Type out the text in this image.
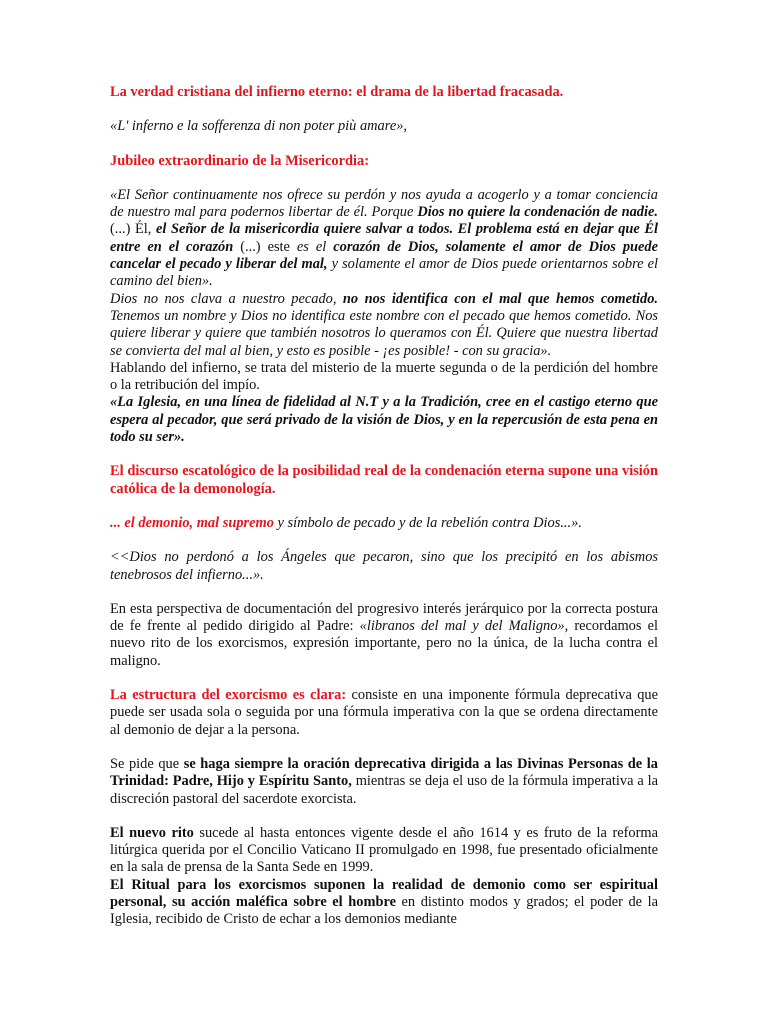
La verdad cristiana del infierno eterno: el drama de la libertad fracasada.

«L' inferno e la sofferenza di non poter più amare»,

Jubileo extraordinario de la Misericordia:

«El Señor continuamente nos ofrece su perdón y nos ayuda a acogerlo y a tomar conciencia de nuestro mal para podernos libertar de él. Porque Dios no quiere la condenación de nadie. (...) Él, el Señor de la misericordia quiere salvar a todos. El problema está en dejar que Él entre en el corazón (...) este es el corazón de Dios, solamente el amor de Dios puede cancelar el pecado y liberar del mal, y solamente el amor de Dios puede orientarnos sobre el camino del bien».

Dios no nos clava a nuestro pecado, no nos identifica con el mal que hemos cometido. Tenemos un nombre y Dios no identifica este nombre con el pecado que hemos cometido. Nos quiere liberar y quiere que también nosotros lo queramos con Él. Quiere que nuestra libertad se convierta del mal al bien, y esto es posible - ¡es posible! - con su gracia».

Hablando del infierno, se trata del misterio de la muerte segunda o de la perdición del hombre o la retribución del impío.

«La Iglesia, en una línea de fidelidad al N.T y a la Tradición, cree en el castigo eterno que espera al pecador, que será privado de la visión de Dios, y en la repercusión de esta pena en todo su ser».

El discurso escatológico de la posibilidad real de la condenación eterna supone una visión católica de la demonología.

... el demonio, mal supremo y símbolo de pecado y de la rebelión contra Dios...».

<<Dios no perdonó a los Ángeles que pecaron, sino que los precipitó en los abismos tenebrosos del infierno...».

En esta perspectiva de documentación del progresivo interés jerárquico por la correcta postura de fe frente al pedido dirigido al Padre: «libranos del mal y del Maligno», recordamos el nuevo rito de los exorcismos, expresión importante, pero no la única, de la lucha contra el maligno.

La estructura del exorcismo es clara: consiste en una imponente fórmula deprecativa que puede ser usada sola o seguida por una fórmula imperativa con la que se ordena directamente al demonio de dejar a la persona.

Se pide que se haga siempre la oración deprecativa dirigida a las Divinas Personas de la Trinidad: Padre, Hijo y Espíritu Santo, mientras se deja el uso de la fórmula imperativa a la discreción pastoral del sacerdote exorcista.

El nuevo rito sucede al hasta entonces vigente desde el año 1614 y es fruto de la reforma litúrgica querida por el Concilio Vaticano II promulgado en 1998, fue presentado oficialmente en la sala de prensa de la Santa Sede en 1999.

El Ritual para los exorcismos suponen la realidad de demonio como ser espiritual personal, su acción maléfica sobre el hombre en distinto modos y grados; el poder de la Iglesia, recibido de Cristo de echar a los demonios mediante
